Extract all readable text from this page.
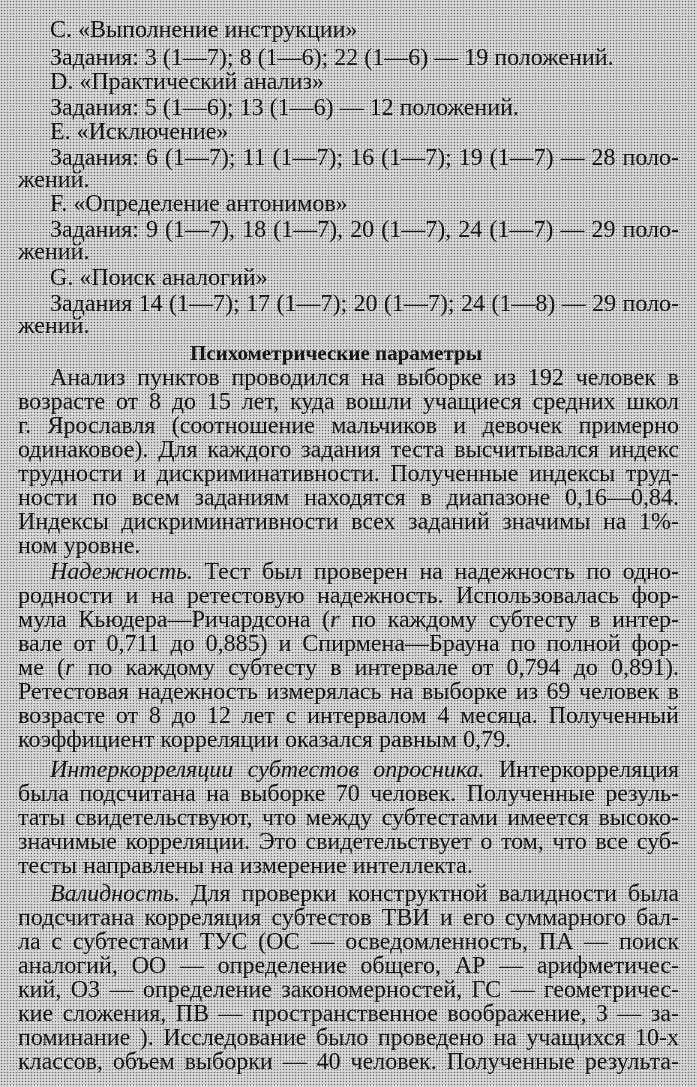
C. «Выполнение инструкции»
Задания: 3 (1—7); 8 (1—6); 22 (1—6) — 19 положений.
D. «Практический анализ»
Задания: 5 (1—6); 13 (1—6) — 12 положений.
E. «Исключение»
Задания: 6 (1—7); 11 (1—7); 16 (1—7); 19 (1—7) — 28 поло-
жений.
F. «Определение антонимов»
Задания: 9 (1—7), 18 (1—7), 20 (1—7), 24 (1—7) — 29 поло-
жений.
G. «Поиск аналогий»
Задания 14 (1—7); 17 (1—7); 20 (1—7); 24 (1—8) — 29 поло-
жений.
Психометрические параметры
Анализ пунктов проводился на выборке из 192 человек в
возрасте от 8 до 15 лет, куда вошли учащиеся средних школ
г. Ярославля (соотношение мальчиков и девочек примерно
одинаковое). Для каждого задания теста высчитывался индекс
трудности и дискриминативности. Полученные индексы труд-
ности по всем заданиям находятся в диапазоне 0,16—0,84.
Индексы дискриминативности всех заданий значимы на 1%-
ном уровне.
Надежность. Тест был проверен на надежность по одно-
родности и на ретестовую надежность. Использовалась фор-
мула Кьюдера—Ричардсона (r по каждому субтесту в интер-
вале от 0,711 до 0,885) и Спирмена—Брауна по полной фор-
ме (r по каждому субтесту в интервале от 0,794 до 0,891).
Ретестовая надежность измерялась на выборке из 69 человек в
возрасте от 8 до 12 лет с интервалом 4 месяца. Полученный
коэффициент корреляции оказался равным 0,79.
Интеркорреляции субтестов опросника. Интеркорреляция
была подсчитана на выборке 70 человек. Полученные резуль-
таты свидетельствуют, что между субтестами имеется высоко-
значимые корреляции. Это свидетельствует о том, что все суб-
тесты направлены на измерение интеллекта.
Валидность. Для проверки конструктной валидности была
подсчитана корреляция субтестов ТВИ и его суммарного бал-
ла с субтестами ТУС (ОС — осведомленность, ПА — поиск
аналогий, ОО — определение общего, АР — арифметичес-
кий, ОЗ — определение закономерностей, ГС — геометричес-
кие сложения, ПВ — пространственное воображение, З — за-
поминание ). Исследование было проведено на учащихся 10-х
классов, объем выборки — 40 человек. Полученные результа-
